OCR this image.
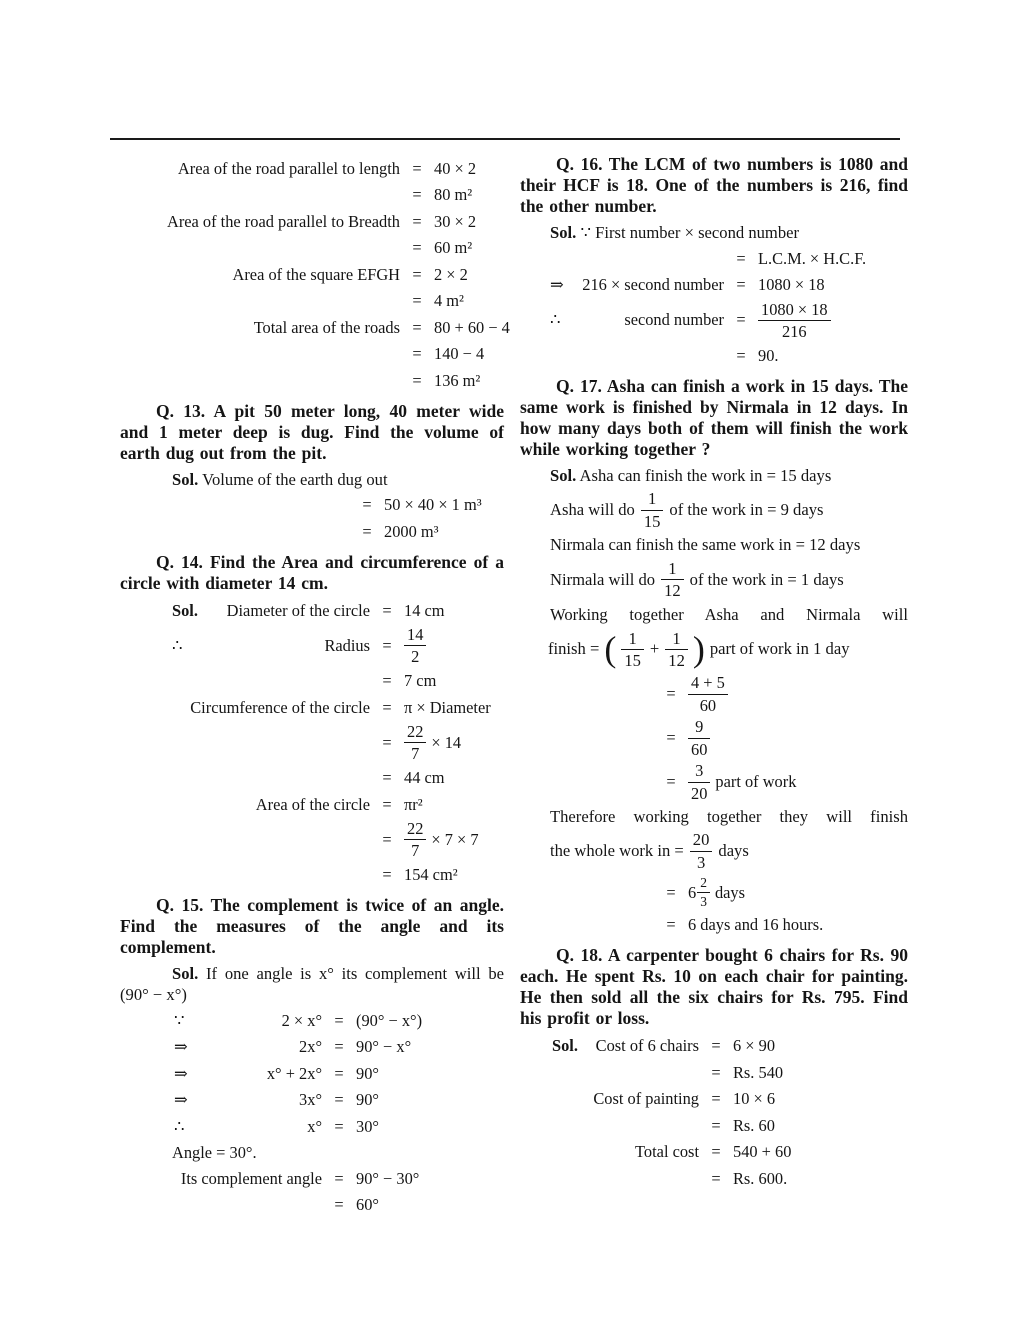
Area of the road parallel to length = 40 × 2
= 80 m²
Area of the road parallel to Breadth = 30 × 2
= 60 m²
Area of the square EFGH = 2 × 2
= 4 m²
Total area of the roads = 80 + 60 − 4
= 140 − 4
= 136 m²

Q. 13. A pit 50 meter long, 40 meter wide and 1 meter deep is dug. Find the volume of earth dug out from the pit.

Sol. Volume of the earth dug out

= 50 × 40 × 1 m³
= 2000 m³

Q. 14. Find the Area and circumference of a circle with diameter 14 cm.

Sol. Diameter of the circle = 14 cm
∴	Radius = $\frac{14}{2}$
= 7 cm
Circumference of the circle = π × Diameter
= $\frac{22}{7} \times 14$
= 44 cm
Area of the circle = πr²
= $\frac{22}{7} \times 7 \times 7$
= 154 cm²

Q. 15. The complement is twice of an angle. Find the measures of the angle and its complement.

Sol. If one angle is x° its complement will be (90° − x°)

∵	2 × x° = (90° − x°)
⇒	2x° = 90° − x°
⇒	x° + 2x° = 90°
⇒	3x° = 90°
∴	x° = 30°

Angle = 30°.

Its complement angle = 90° − 30°
= 60°

Q. 16. The LCM of two numbers is 1080 and their HCF is 18. One of the numbers is 216, find the other number.

Sol. ∵ First number × second number

= L.C.M. × H.C.F.
⇒ 216 × second number = 1080 × 18
∴	second number = $\frac{1080 \times 18}{216}$
= 90.

Q. 17. Asha can finish a work in 15 days. The same work is finished by Nirmala in 12 days. In how many days both of them will finish the work while working together ?

Sol. Asha can finish the work in = 15 days

Asha will do $\frac{1}{15}$ of the work in = 9 days

Nirmala can finish the same work in = 12 days

Nirmala will do $\frac{1}{12}$ of the work in = 1 days

Working together Asha and Nirmala will

finish = ( $\frac{1}{15} + \frac{1}{12}$ ) part of work in 1 day
= $\frac{4 + 5}{60}$
= $\frac{9}{60}$
= $\frac{3}{20}$ part of work

Therefore working together they will finish

the whole work in = $\frac{20}{3}$ days
= $6 \frac{2}{3}$ days
= 6 days and 16 hours.

Q. 18. A carpenter bought 6 chairs for Rs. 90 each. He spent Rs. 10 on each chair for painting. He then sold all the six chairs for Rs. 795. Find his profit or loss.

Sol. Cost of 6 chairs = 6 × 90
= Rs. 540
Cost of painting = 10 × 6
= Rs. 60
Total cost = 540 + 60
= Rs. 600.
